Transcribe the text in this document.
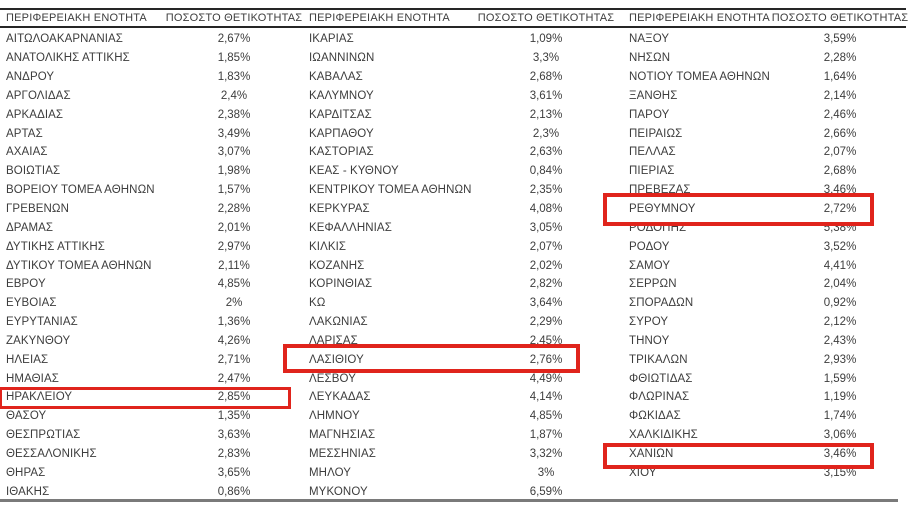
ΠΕΡΙΦΕΡΕΙΑΚΗ ΕΝΟΤΗΤΑ	ΠΟΣΟΣΤΟ ΘΕΤΙΚΟΤΗΤΑΣ
ΑΙΤΩΛΟΑΚΑΡΝΑΝΙΑΣ	2,67%
ΑΝΑΤΟΛΙΚΗΣ ΑΤΤΙΚΗΣ	1,85%
ΑΝΔΡΟΥ	1,83%
ΑΡΓΟΛΙΔΑΣ	2,4%
ΑΡΚΑΔΙΑΣ	2,38%
ΑΡΤΑΣ	3,49%
ΑΧΑΪΑΣ	3,07%
ΒΟΙΩΤΙΑΣ	1,98%
ΒΟΡΕΙΟΥ ΤΟΜΕΑ ΑΘΗΝΩΝ	1,57%
ΓΡΕΒΕΝΩΝ	2,28%
ΔΡΑΜΑΣ	2,01%
ΔΥΤΙΚΗΣ ΑΤΤΙΚΗΣ	2,97%
ΔΥΤΙΚΟΥ ΤΟΜΕΑ ΑΘΗΝΩΝ	2,11%
ΕΒΡΟΥ	4,85%
ΕΥΒΟΙΑΣ	2%
ΕΥΡΥΤΑΝΙΑΣ	1,36%
ΖΑΚΥΝΘΟΥ	4,26%
ΗΛΕΙΑΣ	2,71%
ΗΜΑΘΙΑΣ	2,47%
ΗΡΑΚΛΕΙΟΥ	2,85%
ΘΑΣΟΥ	1,35%
ΘΕΣΠΡΩΤΙΑΣ	3,63%
ΘΕΣΣΑΛΟΝΙΚΗΣ	2,83%
ΘΗΡΑΣ	3,65%
ΙΘΑΚΗΣ	0,86%
ΠΕΡΙΦΕΡΕΙΑΚΗ ΕΝΟΤΗΤΑ	ΠΟΣΟΣΤΟ ΘΕΤΙΚΟΤΗΤΑΣ
ΙΚΑΡΙΑΣ	1,09%
ΙΩΑΝΝΙΝΩΝ	3,3%
ΚΑΒΑΛΑΣ	2,68%
ΚΑΛΥΜΝΟΥ	3,61%
ΚΑΡΔΙΤΣΑΣ	2,13%
ΚΑΡΠΑΘΟΥ	2,3%
ΚΑΣΤΟΡΙΑΣ	2,63%
ΚΕΑΣ - ΚΥΘΝΟΥ	0,84%
ΚΕΝΤΡΙΚΟΥ ΤΟΜΕΑ ΑΘΗΝΩΝ	2,35%
ΚΕΡΚΥΡΑΣ	4,08%
ΚΕΦΑΛΛΗΝΙΑΣ	3,05%
ΚΙΛΚΙΣ	2,07%
ΚΟΖΑΝΗΣ	2,02%
ΚΟΡΙΝΘΙΑΣ	2,82%
ΚΩ	3,64%
ΛΑΚΩΝΙΑΣ	2,29%
ΛΑΡΙΣΑΣ	2,45%
ΛΑΣΙΘΙΟΥ	2,76%
ΛΕΣΒΟΥ	4,49%
ΛΕΥΚΑΔΑΣ	4,14%
ΛΗΜΝΟΥ	4,85%
ΜΑΓΝΗΣΙΑΣ	1,87%
ΜΕΣΣΗΝΙΑΣ	3,32%
ΜΗΛΟΥ	3%
ΜΥΚΟΝΟΥ	6,59%
ΠΕΡΙΦΕΡΕΙΑΚΗ ΕΝΟΤΗΤΑ ΠΟΣΟΣΤΟ ΘΕΤΙΚΟΤΗΤΑΣ
ΝΑΞΟΥ	3,59%
ΝΗΣΩΝ	2,28%
ΝΟΤΙΟΥ ΤΟΜΕΑ ΑΘΗΝΩΝ	1,64%
ΞΑΝΘΗΣ	2,14%
ΠΑΡΟΥ	2,46%
ΠΕΙΡΑΙΩΣ	2,66%
ΠΕΛΛΑΣ	2,07%
ΠΙΕΡΙΑΣ	2,68%
ΠΡΕΒΕΖΑΣ	3,46%
ΡΕΘΥΜΝΟΥ	2,72%
ΡΟΔΟΠΗΣ	5,38%
ΡΟΔΟΥ	3,52%
ΣΑΜΟΥ	4,41%
ΣΕΡΡΩΝ	2,04%
ΣΠΟΡΑΔΩΝ	0,92%
ΣΥΡΟΥ	2,12%
ΤΗΝΟΥ	2,43%
ΤΡΙΚΑΛΩΝ	2,93%
ΦΘΙΩΤΙΔΑΣ	1,59%
ΦΛΩΡΙΝΑΣ	1,19%
ΦΩΚΙΔΑΣ	1,74%
ΧΑΛΚΙΔΙΚΗΣ	3,06%
ΧΑΝΙΩΝ	3,46%
ΧΙΟΥ	3,15%
